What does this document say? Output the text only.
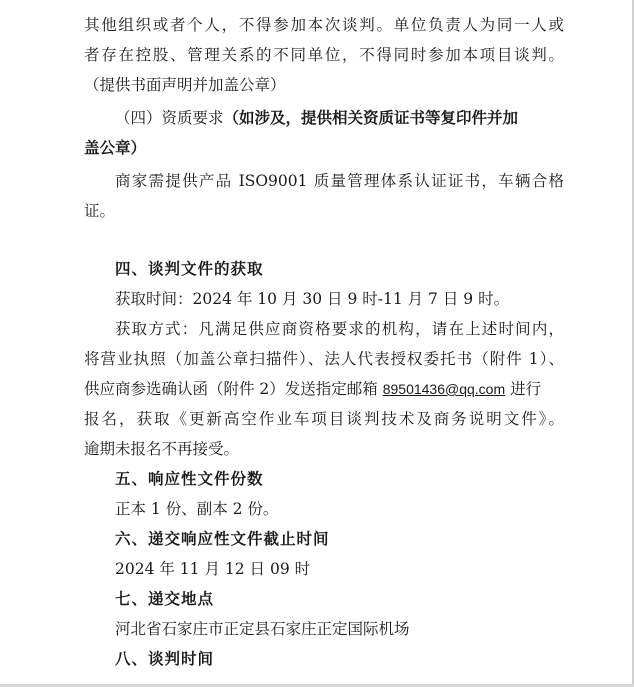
其他组织或者个人，不得参加本次谈判。单位负责人为同一人或
者存在控股、管理关系的不同单位，不得同时参加本项目谈判。
（提供书面声明并加盖公章）
（四）资质要求（如涉及，提供相关资质证书等复印件并加
盖公章）
商家需提供产品 ISO9001 质量管理体系认证证书，车辆合格
证。
四、谈判文件的获取
获取时间：2024 年 10 月 30 日 9 时-11 月 7 日 9 时。
获取方式：凡满足供应商资格要求的机构，请在上述时间内，
将营业执照（加盖公章扫描件）、法人代表授权委托书（附件 1）、
供应商参选确认函（附件 2）发送指定邮箱 89501436@qq.com 进行
报名，获取《更新高空作业车项目谈判技术及商务说明文件》。
逾期未报名不再接受。
五、响应性文件份数
正本 1 份、副本 2 份。
六、递交响应性文件截止时间
2024 年 11 月 12 日 09 时
七、递交地点
河北省石家庄市正定县石家庄正定国际机场
八、谈判时间
